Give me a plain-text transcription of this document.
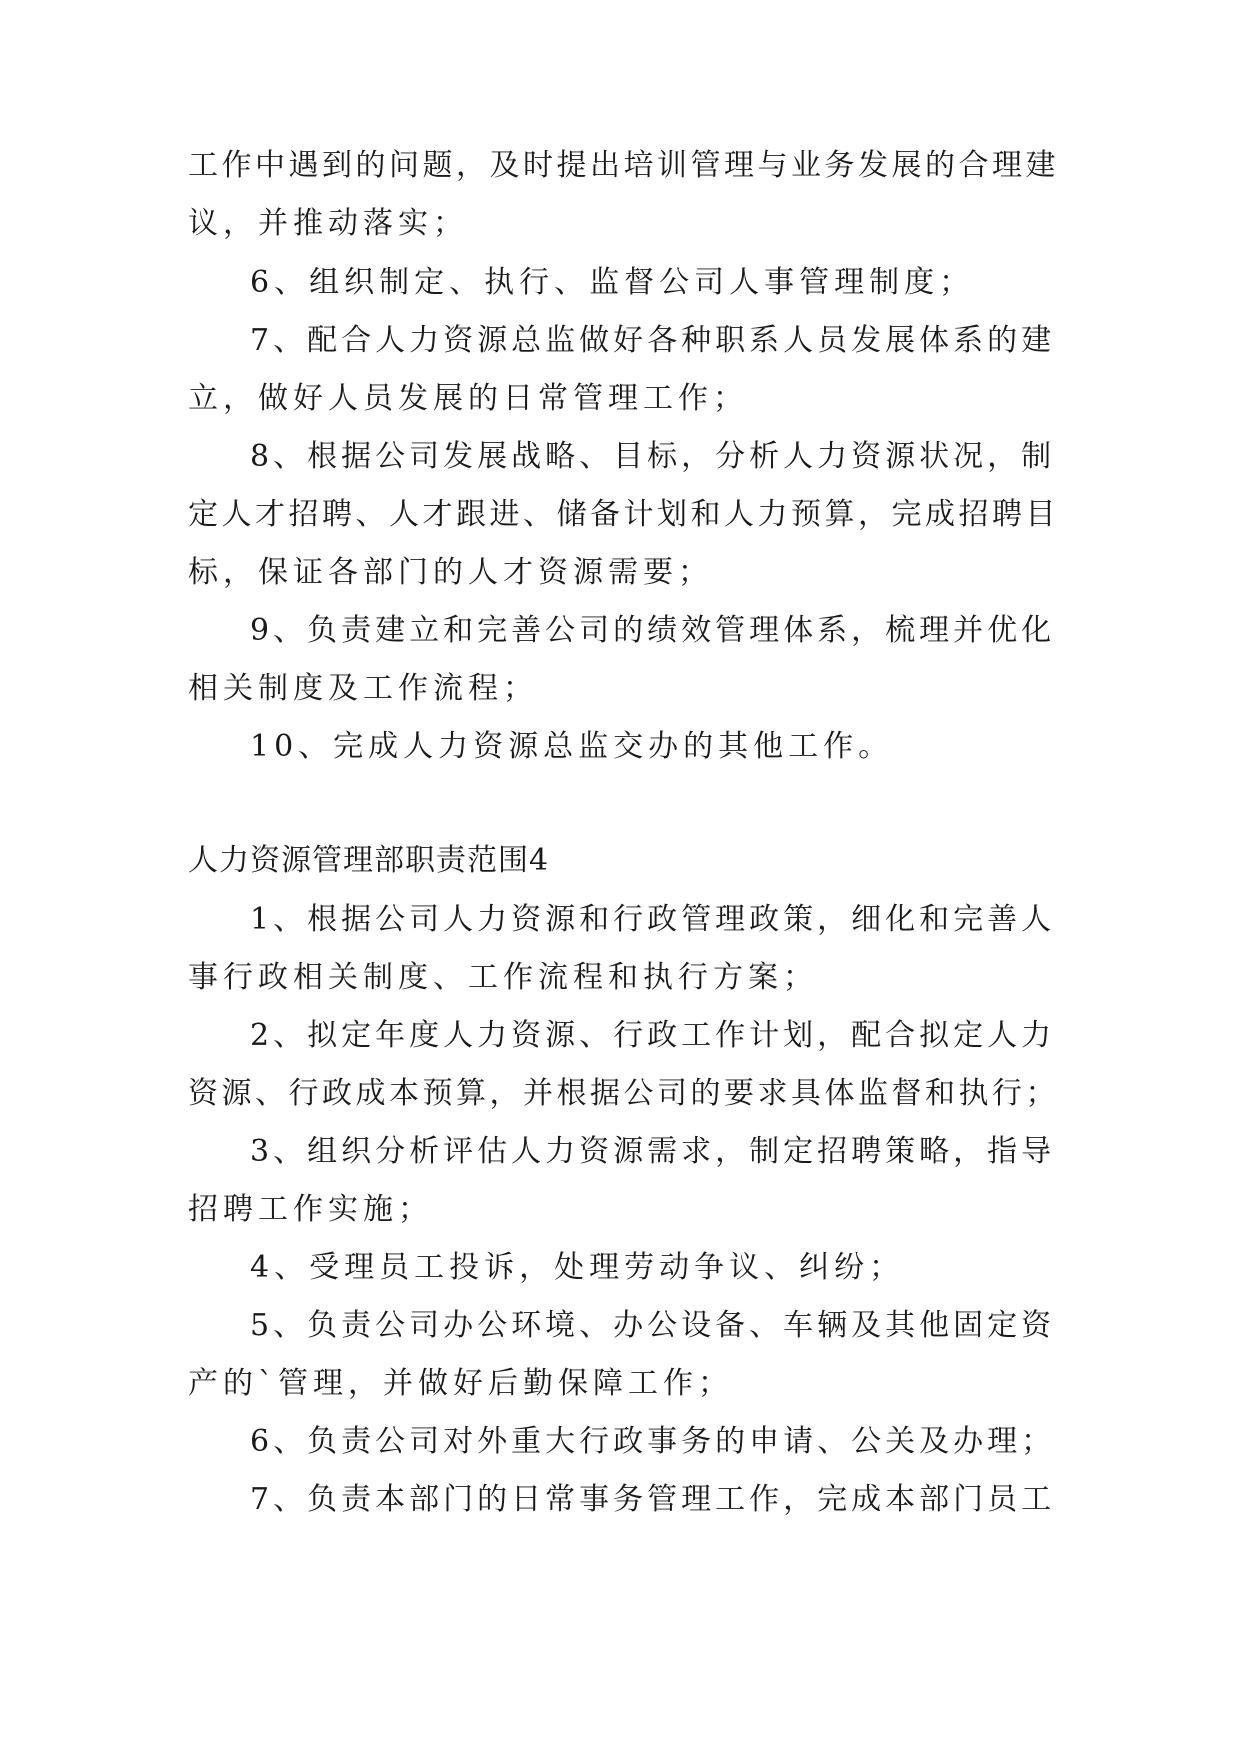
工作中遇到的问题，及时提出培训管理与业务发展的合理建
议，并推动落实；
6、组织制定、执行、监督公司人事管理制度；
7、配合人力资源总监做好各种职系人员发展体系的建
立，做好人员发展的日常管理工作；
8、根据公司发展战略、目标，分析人力资源状况，制
定人才招聘、人才跟进、储备计划和人力预算，完成招聘目
标，保证各部门的人才资源需要；
9、负责建立和完善公司的绩效管理体系，梳理并优化
相关制度及工作流程；
10、完成人力资源总监交办的其他工作。
人力资源管理部职责范围4
1、根据公司人力资源和行政管理政策，细化和完善人
事行政相关制度、工作流程和执行方案；
2、拟定年度人力资源、行政工作计划，配合拟定人力
资源、行政成本预算，并根据公司的要求具体监督和执行；
3、组织分析评估人力资源需求，制定招聘策略，指导
招聘工作实施；
4、受理员工投诉，处理劳动争议、纠纷；
5、负责公司办公环境、办公设备、车辆及其他固定资
产的`管理，并做好后勤保障工作；
6、负责公司对外重大行政事务的申请、公关及办理；
7、负责本部门的日常事务管理工作，完成本部门员工
